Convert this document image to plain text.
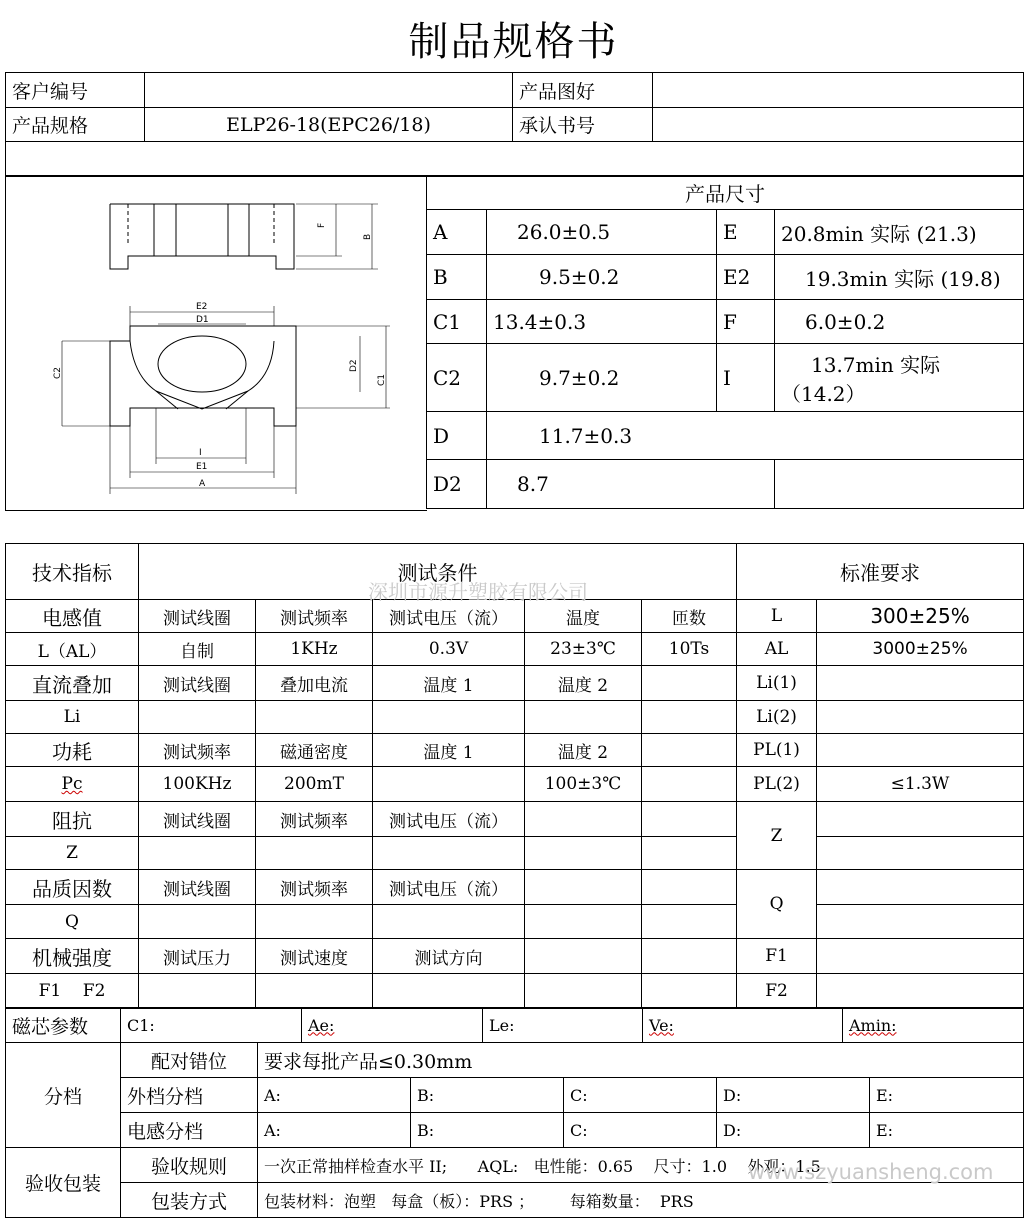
制品规格书
客户编号		产品图好	
产品规格	ELP26-18(EPC26/18)	承认书号	

F
B
E2
D1
C2
D2
C1
I
E1
A
产品尺寸			
A	26.0±0.5	E	20.8min 实际 (21.3)
B	9.5±0.2	E2	19.3min 实际 (19.8)
C1	13.4±0.3	F	6.0±0.2
C2	9.7±0.2	I	13.7min 实际
（14.2）

D	11.7±0.3		
D2	8.7		
技术指标	测试条件					标准要求	
电感值	测试线圈	测试频率	测试电压（流）	温度	匝数	L	300±25%
L（AL）	自制	1KHz	0.3V	23±3℃	10Ts	AL	3000±25%
直流叠加	测试线圈	叠加电流	温度 1	温度 2		Li(1)	
Li						Li(2)	
功耗	测试频率	磁通密度	温度 1	温度 2		PL(1)	
Pc	100KHz	200mT		100±3℃		PL(2)	≤1.3W
阻抗	测试线圈	测试频率	测试电压（流）			Z	
Z							
品质因数	测试线圈	测试频率	测试电压（流）			Q	
Q							
机械强度	测试压力	测试速度	测试方向			F1	
F1    F2						F2	
磁芯参数	C1:	Ae:	Le:	Ve:	Amin:
分档	配对错位	要求每批产品≤0.30mm				
	外档分档	A:	B:	C:	D:	E:
	电感分档	A:	B:	C:	D:	E:
验收包装	验收规则	一次正常抽样检查水平 II;      AQL:   电性能：0.65    尺寸：1.0    外观：1.5				
	包装方式	包装材料：泡塑   每盒（板）：PRS ；       每箱数量：  PRS				
深圳市源升塑胶有限公司
www.szyuansheng.com
